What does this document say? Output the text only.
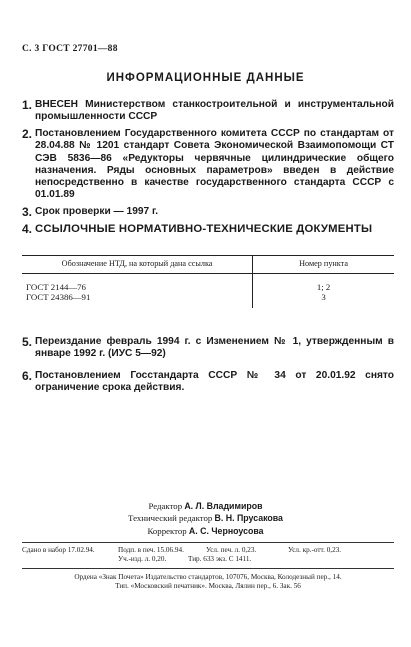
С. 3 ГОСТ 27701—88
ИНФОРМАЦИОННЫЕ ДАННЫЕ
1. ВНЕСЕН Министерством станкостроительной и инструментальной промышленности СССР
2. Постановлением Государственного комитета СССР по стандартам от 28.04.88 № 1201 стандарт Совета Экономической Взаимопомощи СТ СЭВ 5836—86 «Редукторы червячные цилиндрические общего назначения. Ряды основных параметров» введен в действие непосредственно в качестве государственного стандарта СССР с 01.01.89
3. Срок проверки — 1997 г.
4. ССЫЛОЧНЫЕ НОРМАТИВНО-ТЕХНИЧЕСКИЕ ДОКУМЕНТЫ
Обозначение НТД, на который дана ссылка	Номер пункта
ГОСТ 2144—76	1; 2
ГОСТ 24386—91	3
5. Переиздание февраль 1994 г. с Изменением № 1, утвержденным в январе 1992 г. (ИУС 5—92)
6. Постановлением Госстандарта СССР № 34 от 20.01.92 снято ограничение срока действия.
Редактор А. Л. Владимиров
Технический редактор В. Н. Прусакова
Корректор А. С. Черноусова
Сдано в набор 17.02.94.	Подп. в печ. 15.06.94.	Усл. печ. л. 0,23.	Усл. кр.-отт. 0,23.
Уч.-изд. л. 0,20.	Тир. 633 экз. С 1411.
Ордена «Знак Почета» Издательство стандартов, 107076, Москва, Колодезный пер., 14.
Тип. «Московский печатник». Москва, Лялин пер., 6. Зак. 56
